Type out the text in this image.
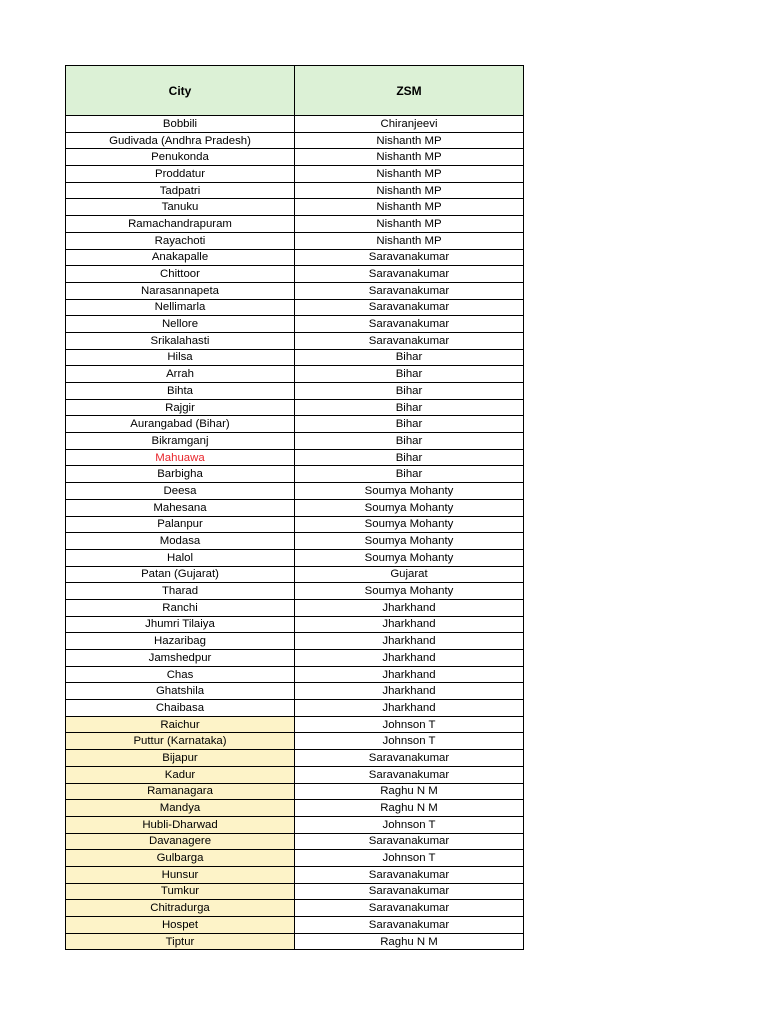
City	ZSM
Bobbili	Chiranjeevi
Gudivada (Andhra Pradesh)	Nishanth MP
Penukonda	Nishanth MP
Proddatur	Nishanth MP
Tadpatri	Nishanth MP
Tanuku	Nishanth MP
Ramachandrapuram	Nishanth MP
Rayachoti	Nishanth MP
Anakapalle	Saravanakumar
Chittoor	Saravanakumar
Narasannapeta	Saravanakumar
Nellimarla	Saravanakumar
Nellore	Saravanakumar
Srikalahasti	Saravanakumar
Hilsa	Bihar
Arrah	Bihar
Bihta	Bihar
Rajgir	Bihar
Aurangabad (Bihar)	Bihar
Bikramganj	Bihar
Mahuawa	Bihar
Barbigha	Bihar
Deesa	Soumya Mohanty
Mahesana	Soumya Mohanty
Palanpur	Soumya Mohanty
Modasa	Soumya Mohanty
Halol	Soumya Mohanty
Patan (Gujarat)	Gujarat
Tharad	Soumya Mohanty
Ranchi	Jharkhand
Jhumri Tilaiya	Jharkhand
Hazaribag	Jharkhand
Jamshedpur	Jharkhand
Chas	Jharkhand
Ghatshila	Jharkhand
Chaibasa	Jharkhand
Raichur	Johnson T
Puttur (Karnataka)	Johnson T
Bijapur	Saravanakumar
Kadur	Saravanakumar
Ramanagara	Raghu N M
Mandya	Raghu N M
Hubli-Dharwad	Johnson T
Davanagere	Saravanakumar
Gulbarga	Johnson T
Hunsur	Saravanakumar
Tumkur	Saravanakumar
Chitradurga	Saravanakumar
Hospet	Saravanakumar
Tiptur	Raghu N M
